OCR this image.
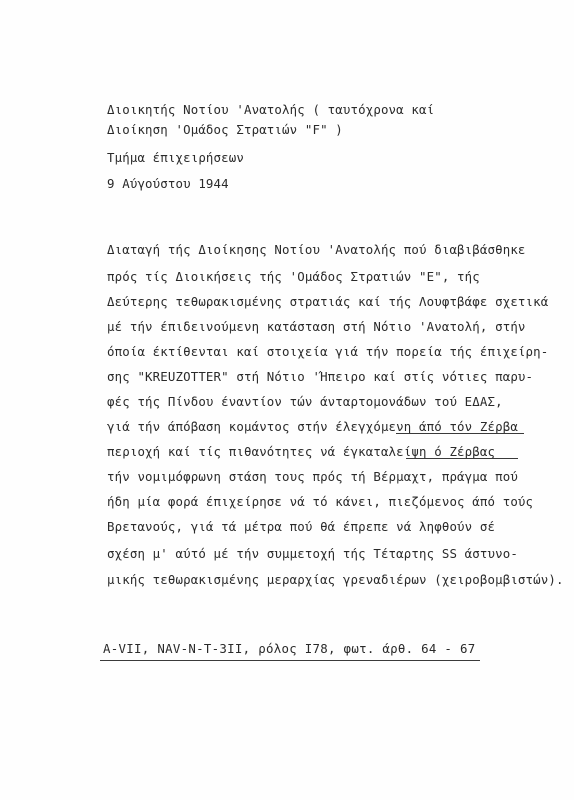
Διοικητής Νοτίου 'Ανατολής ( ταυτόχρονα καί
Διοίκηση 'Ομάδος Στρατιών "F" )
Τμήμα έπιχειρήσεων
9 Αύγούστου 1944
Διαταγή τής Διοίκησης Νοτίου 'Ανατολής πού διαβιβάσθηκε
πρός τίς Διοικήσεις τής 'Ομάδος Στρατιών "Ε", τής
Δεύτερης τεθωρακισμένης στρατιάς καί τής Λουφτβάφε σχετικά
μέ τήν έπιδεινούμενη κατάσταση στή Νότιο 'Ανατολή, στήν
όποία έκτίθενται καί στοιχεία γιά τήν πορεία τής έπιχείρη-
σης "KREUZOTTER" στή Νότιο 'Ήπειρο καί στίς νότιες παρυ-
φές τής Πίνδου έναντίον τών άνταρτομονάδων τού ΕΔΑΣ,
γιά τήν άπόβαση κομάντος στήν έλεγχόμενη άπό τόν Ζέρβα
περιοχή καί τίς πιθανότητες νά έγκαταλείψη ό Ζέρβας
τήν νομιμόφρωνη στάση τους πρός τή Βέρμαχτ, πράγμα πού
ήδη μία φορά έπιχείρησε νά τό κάνει, πιεζόμενος άπό τούς
Βρετανούς, γιά τά μέτρα πού θά έπρεπε νά ληφθούν σέ
σχέση μ' αύτό μέ τήν συμμετοχή τής Τέταρτης SS άστυνο-
μικής τεθωρακισμένης μεραρχίας γρεναδιέρων (χειροβομβιστών).
A-VII, NAV-N-T-3II, ρόλος I78, φωτ. άρθ. 64 - 67
